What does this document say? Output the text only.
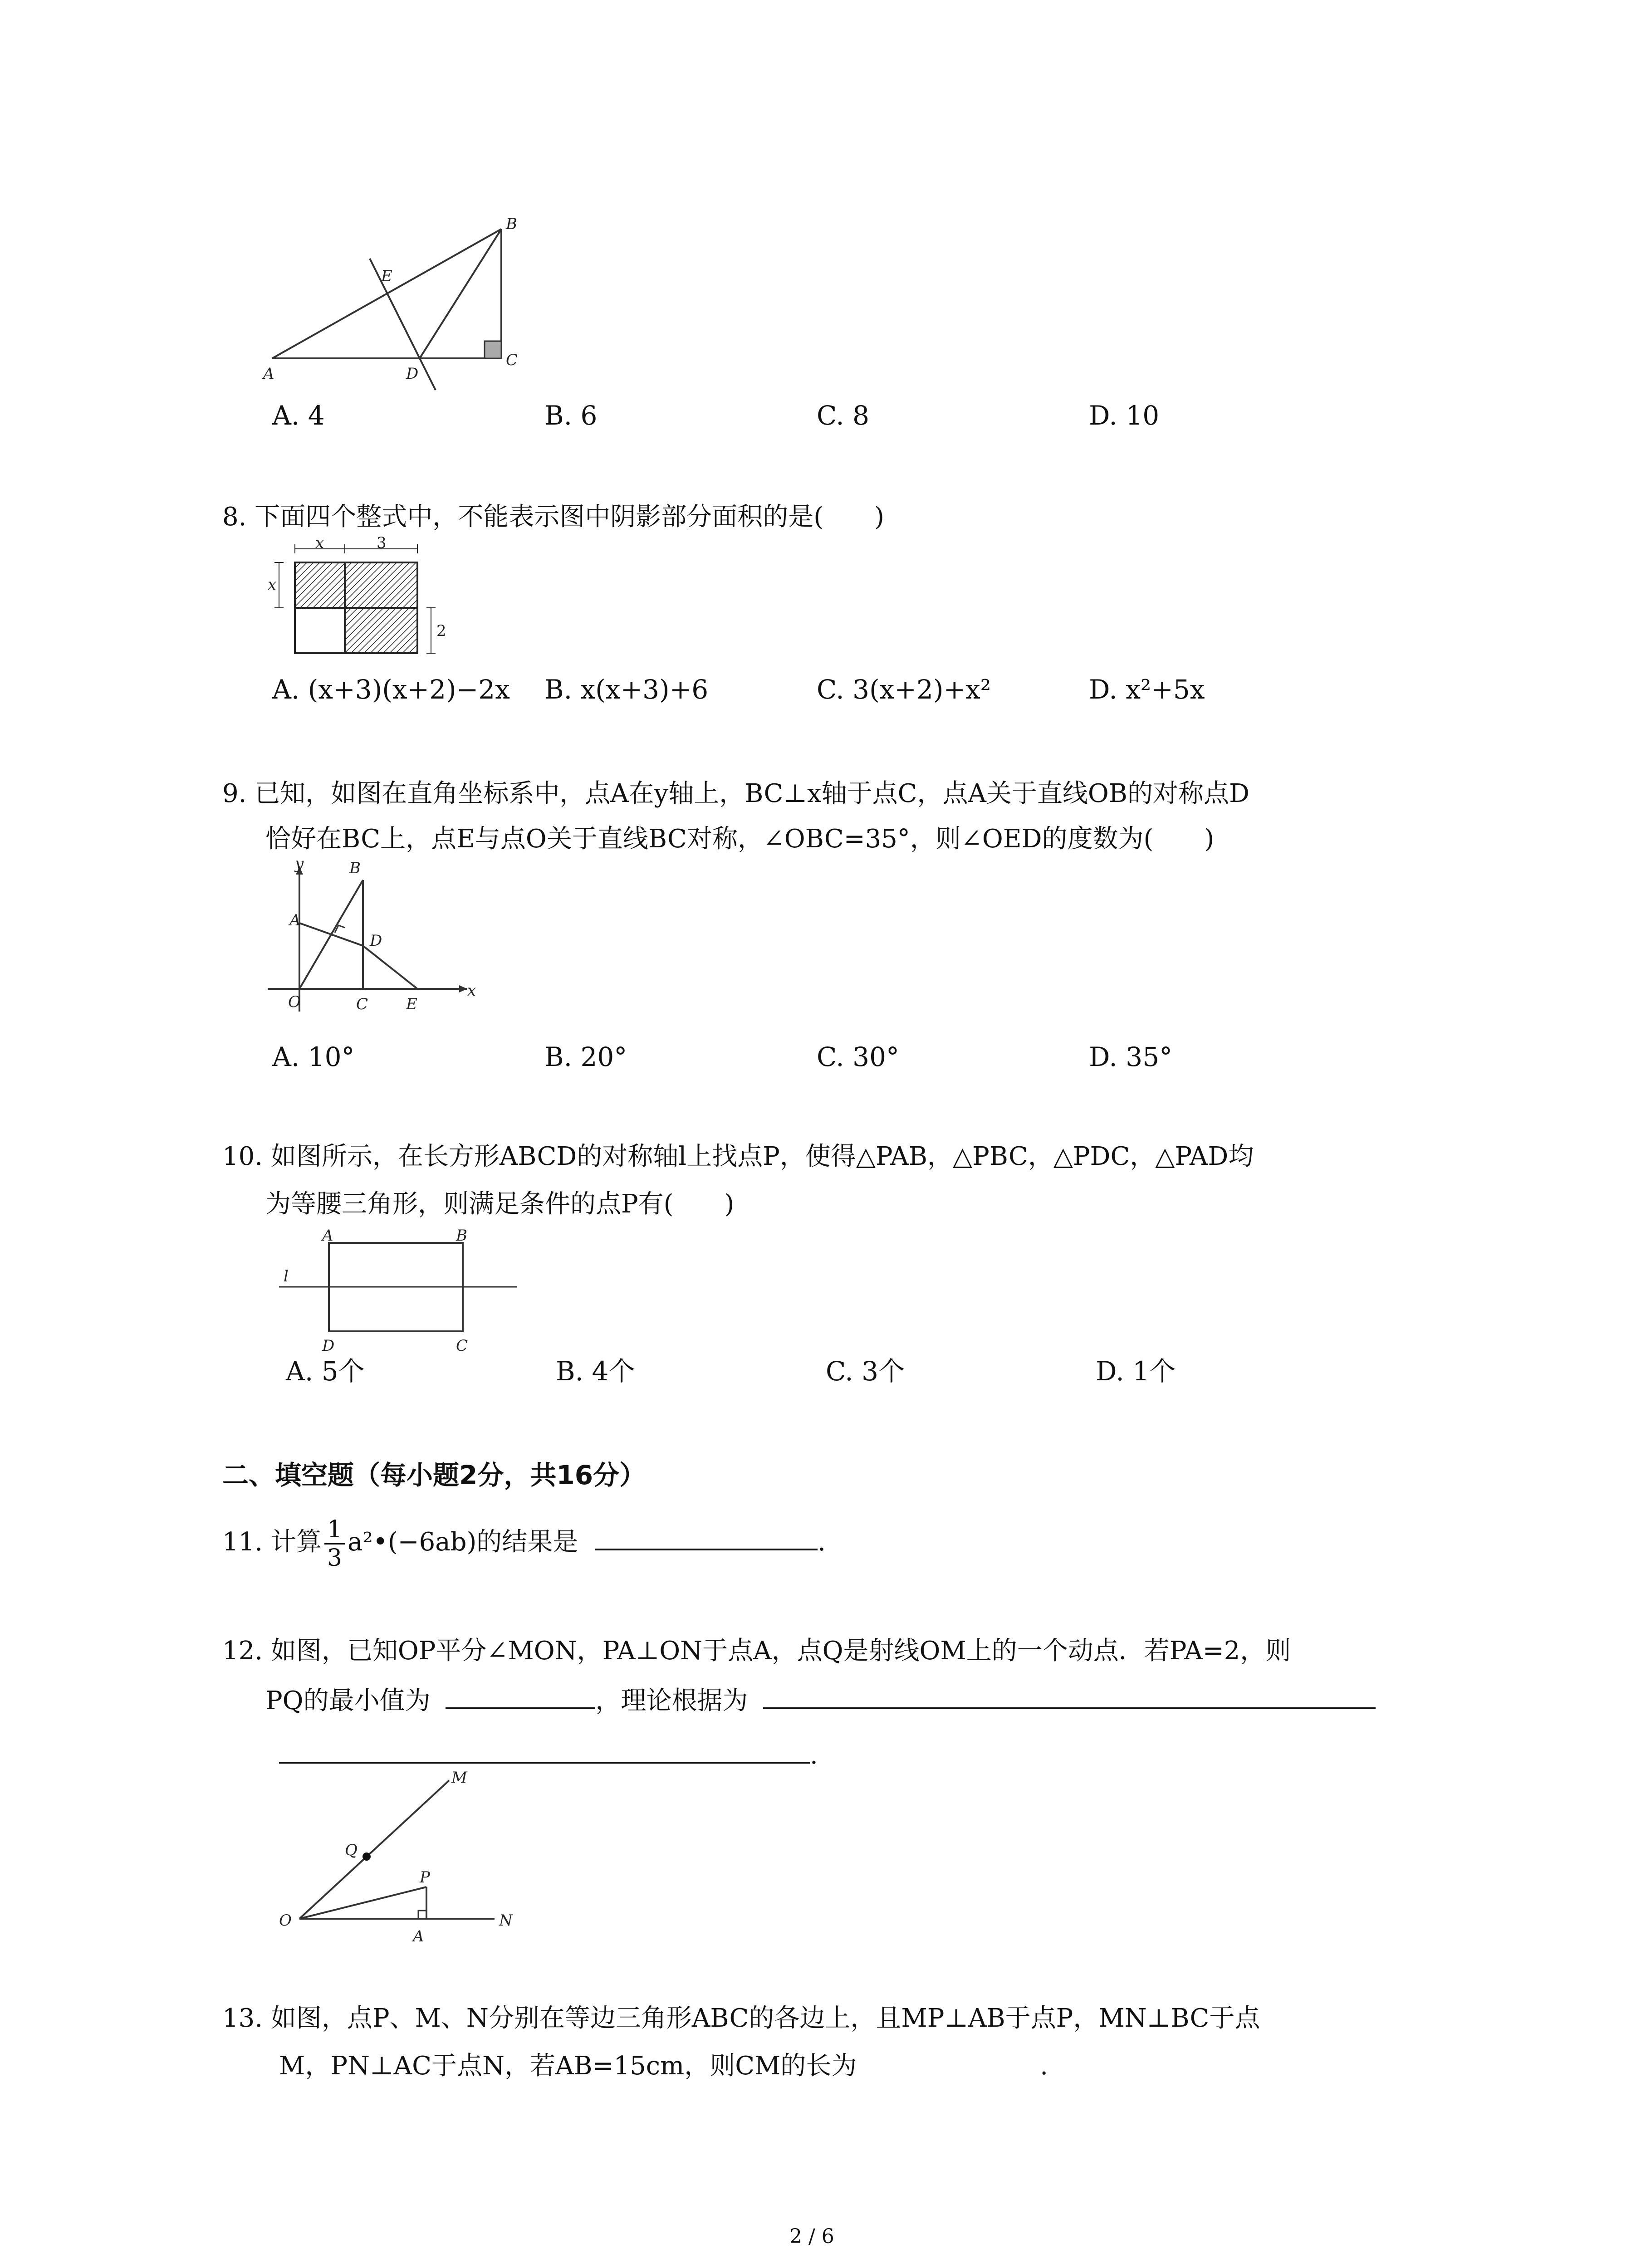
A
B
C
D
E
A. 4	B. 6	C. 8	D. 10
8. 下面四个整式中，不能表示图中阴影部分面积的是(　　)
x	3
x
2
A. (x+3)(x+2)−2x B. x(x+3)+6	C. 3(x+2)+x²	D. x²+5x
9. 已知，如图在直角坐标系中，点A在y轴上，BC⊥x轴于点C，点A关于直线OB的对称点D
恰好在BC上，点E与点O关于直线BC对称，∠OBC=35°，则∠OED的度数为(　　)
y
x
A
B
D
O	C E
A. 10°	B. 20°	C. 30°	D. 35°
10. 如图所示，在长方形ABCD的对称轴l上找点P，使得△PAB，△PBC，△PDC，△PAD均
为等腰三角形，则满足条件的点P有(　　)
A	B
C
D
l
A. 5个	B. 4个	C. 3个	D. 1个
二、填空题（每小题2分，共16分）
11. 计算 $\frac{1}{3}$ a²•(−6ab)的结果是	.
12. 如图，已知OP平分∠MON，PA⊥ON于点A，点Q是射线OM上的一个动点．若PA=2，则
PQ的最小值为	，理论根据为
.
M
Q
P
O
A
N
13. 如图，点P、M、N分别在等边三角形ABC的各边上，且MP⊥AB于点P，MN⊥BC于点
M，PN⊥AC于点N，若AB=15cm，则CM的长为	.
2 / 6
